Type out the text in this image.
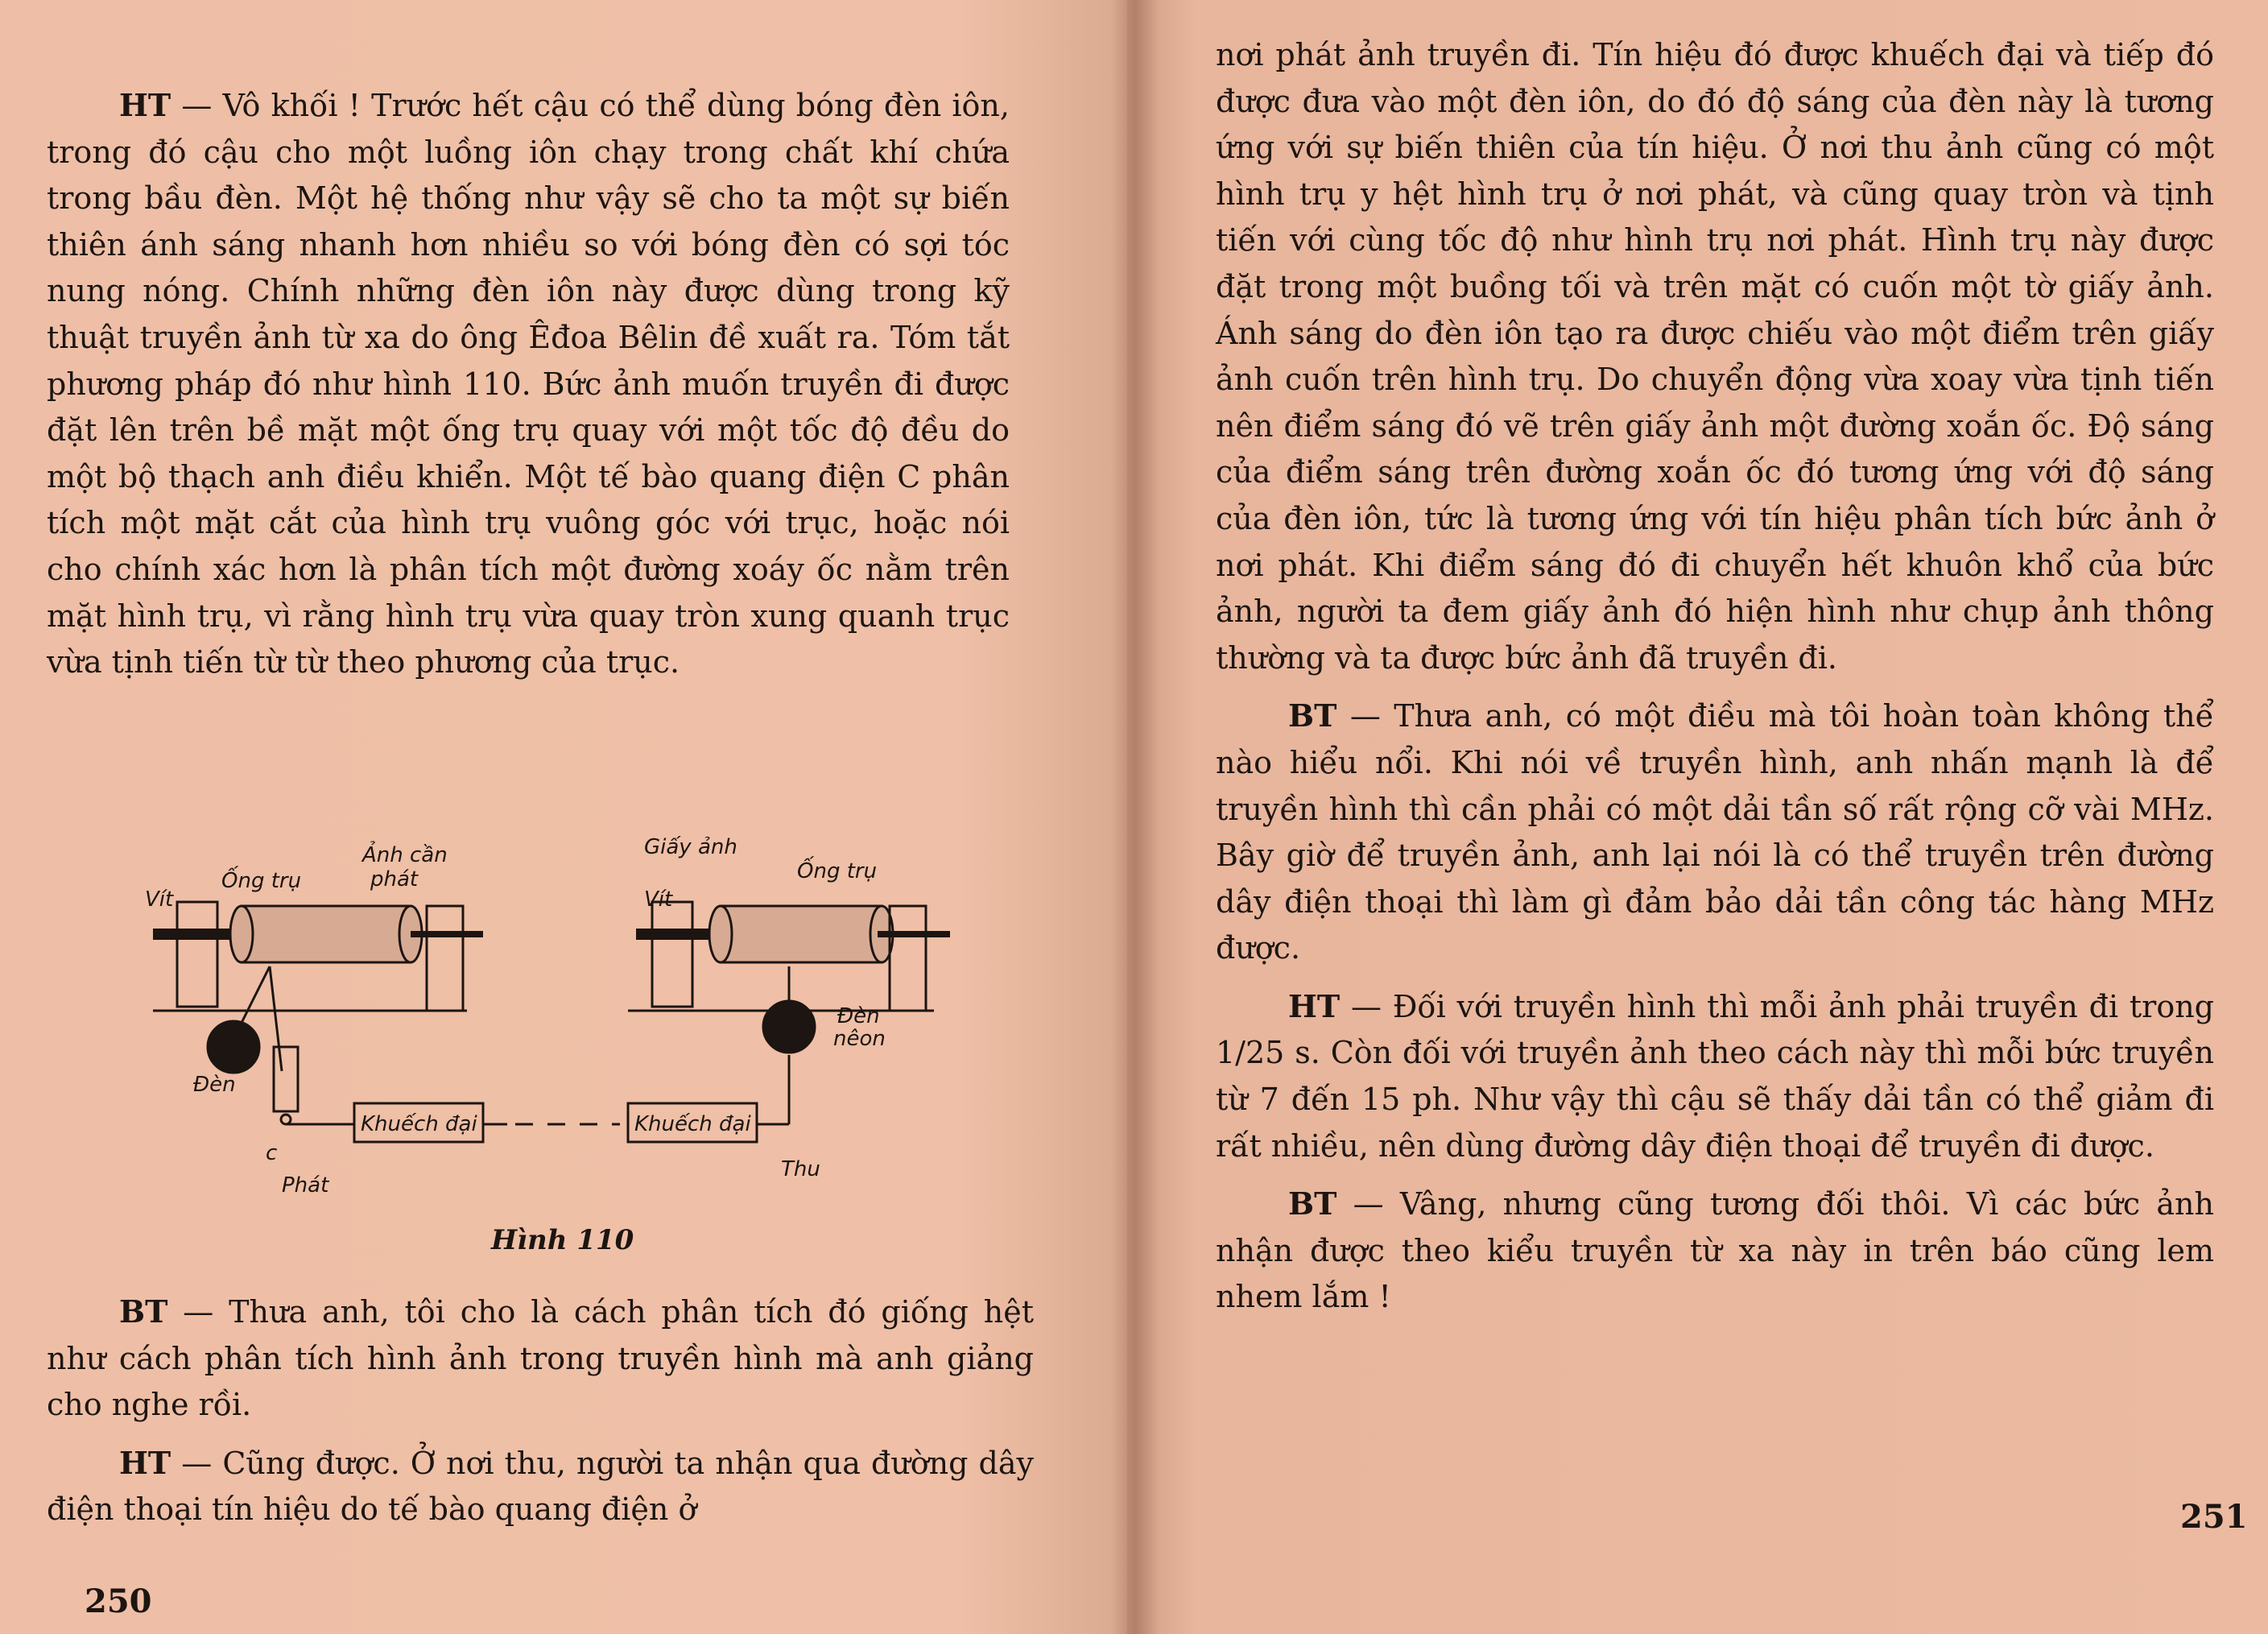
HT — Vô khối ! Trước hết cậu có thể dùng bóng đèn iôn, trong đó cậu cho một luồng iôn chạy trong chất khí chứa trong bầu đèn. Một hệ thống như vậy sẽ cho ta một sự biến thiên ánh sáng nhanh hơn nhiều so với bóng đèn có sợi tóc nung nóng. Chính những đèn iôn này được dùng trong kỹ thuật truyền ảnh từ xa do ông Êđoa Bêlin đề xuất ra. Tóm tắt phương pháp đó như hình 110. Bức ảnh muốn truyền đi được đặt lên trên bề mặt một ống trụ quay với một tốc độ đều do một bộ thạch anh điều khiển. Một tế bào quang điện C phân tích một mặt cắt của hình trụ vuông góc với trục, hoặc nói cho chính xác hơn là phân tích một đường xoáy ốc nằm trên mặt hình trụ, vì rằng hình trụ vừa quay tròn xung quanh trục vừa tịnh tiến từ từ theo phương của trục.

Vít
Ống trụ
Ảnh cần
phát
Đèn
c
Phát
Khuếch đại	Khuếch đại
Giấy ảnh
Ống trụ
Vít
Đèn
nêon
Thu
Hình 110

BT — Thưa anh, tôi cho là cách phân tích đó giống hệt như cách phân tích hình ảnh trong truyền hình mà anh giảng cho nghe rồi.

HT — Cũng được. Ở nơi thu, người ta nhận qua đường dây điện thoại tín hiệu do tế bào quang điện ở

250

nơi phát ảnh truyền đi. Tín hiệu đó được khuếch đại và tiếp đó được đưa vào một đèn iôn, do đó độ sáng của đèn này là tương ứng với sự biến thiên của tín hiệu. Ở nơi thu ảnh cũng có một hình trụ y hệt hình trụ ở nơi phát, và cũng quay tròn và tịnh tiến với cùng tốc độ như hình trụ nơi phát. Hình trụ này được đặt trong một buồng tối và trên mặt có cuốn một tờ giấy ảnh. Ánh sáng do đèn iôn tạo ra được chiếu vào một điểm trên giấy ảnh cuốn trên hình trụ. Do chuyển động vừa xoay vừa tịnh tiến nên điểm sáng đó vẽ trên giấy ảnh một đường xoắn ốc. Độ sáng của điểm sáng trên đường xoắn ốc đó tương ứng với độ sáng của đèn iôn, tức là tương ứng với tín hiệu phân tích bức ảnh ở nơi phát. Khi điểm sáng đó đi chuyển hết khuôn khổ của bức ảnh, người ta đem giấy ảnh đó hiện hình như chụp ảnh thông thường và ta được bức ảnh đã truyền đi.

BT — Thưa anh, có một điều mà tôi hoàn toàn không thể nào hiểu nổi. Khi nói về truyền hình, anh nhấn mạnh là để truyền hình thì cần phải có một dải tần số rất rộng cỡ vài MHz. Bây giờ để truyền ảnh, anh lại nói là có thể truyền trên đường dây điện thoại thì làm gì đảm bảo dải tần công tác hàng MHz được.

HT — Đối với truyền hình thì mỗi ảnh phải truyền đi trong 1/25 s. Còn đối với truyền ảnh theo cách này thì mỗi bức truyền từ 7 đến 15 ph. Như vậy thì cậu sẽ thấy dải tần có thể giảm đi rất nhiều, nên dùng đường dây điện thoại để truyền đi được.

BT — Vâng, nhưng cũng tương đối thôi. Vì các bức ảnh nhận được theo kiểu truyền từ xa này in trên báo cũng lem nhem lắm !

251
